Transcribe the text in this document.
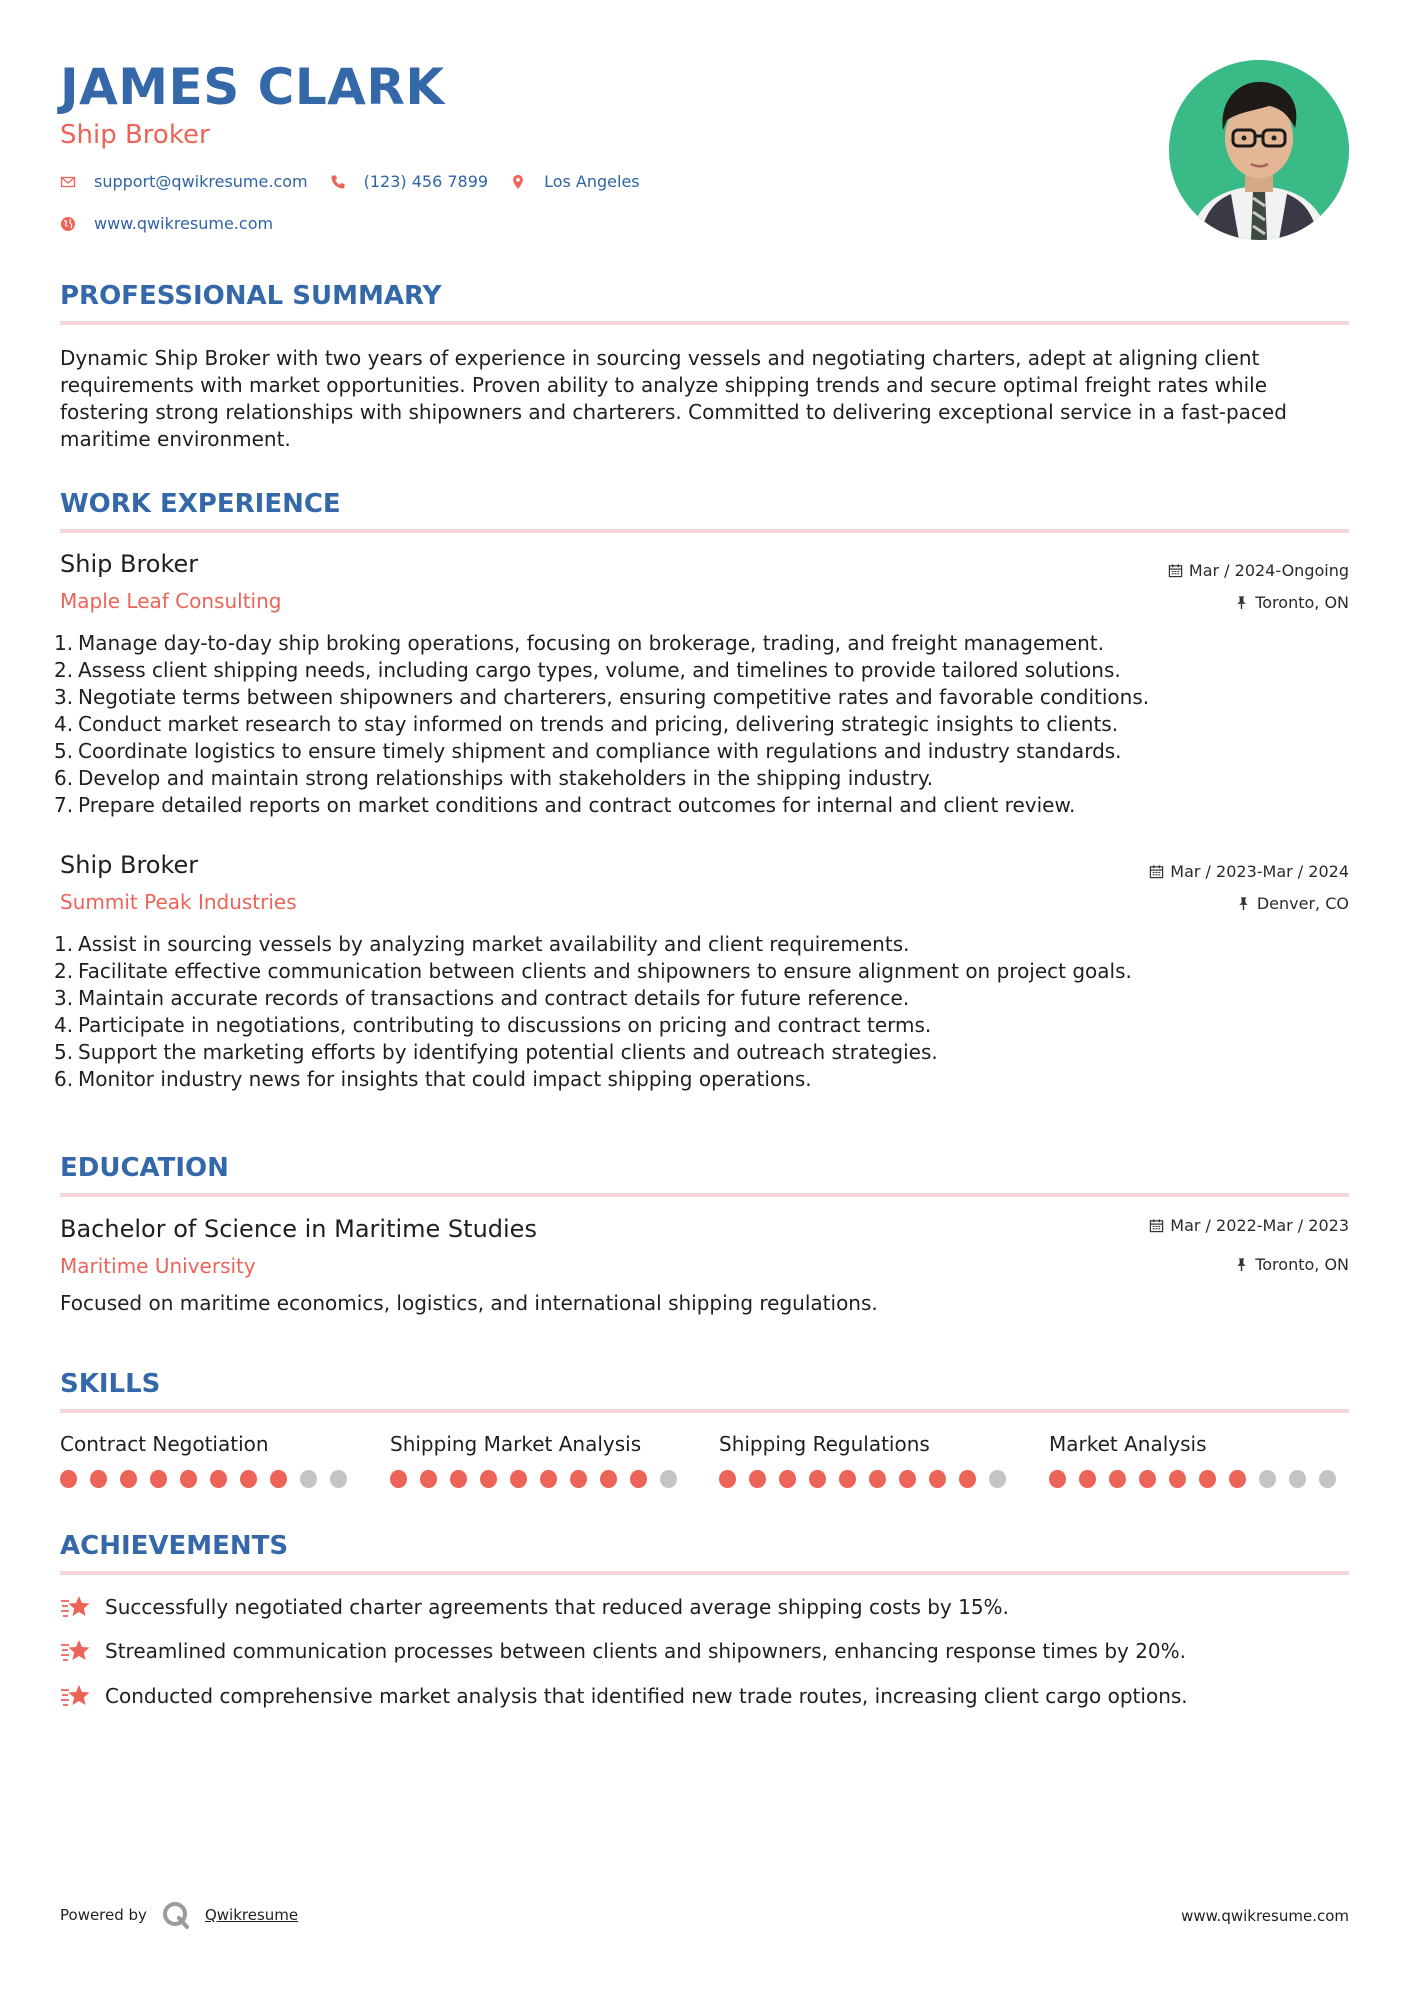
JAMES CLARK
Ship Broker
support@qwikresume.com	(123) 456 7899	Los Angeles
www.qwikresume.com
PROFESSIONAL SUMMARY
Dynamic Ship Broker with two years of experience in sourcing vessels and negotiating charters, adept at aligning client requirements with market opportunities. Proven ability to analyze shipping trends and secure optimal freight rates while fostering strong relationships with shipowners and charterers. Committed to delivering exceptional service in a fast-paced maritime environment.
WORK EXPERIENCE
Ship Broker	Mar / 2024-Ongoing
Maple Leaf Consulting	Toronto, ON
1. Manage day-to-day ship broking operations, focusing on brokerage, trading, and freight management.
2. Assess client shipping needs, including cargo types, volume, and timelines to provide tailored solutions.
3. Negotiate terms between shipowners and charterers, ensuring competitive rates and favorable conditions.
4. Conduct market research to stay informed on trends and pricing, delivering strategic insights to clients.
5. Coordinate logistics to ensure timely shipment and compliance with regulations and industry standards.
6. Develop and maintain strong relationships with stakeholders in the shipping industry.
7. Prepare detailed reports on market conditions and contract outcomes for internal and client review.
Ship Broker	Mar / 2023-Mar / 2024
Summit Peak Industries	Denver, CO
1. Assist in sourcing vessels by analyzing market availability and client requirements.
2. Facilitate effective communication between clients and shipowners to ensure alignment on project goals.
3. Maintain accurate records of transactions and contract details for future reference.
4. Participate in negotiations, contributing to discussions on pricing and contract terms.
5. Support the marketing efforts by identifying potential clients and outreach strategies.
6. Monitor industry news for insights that could impact shipping operations.
EDUCATION
Bachelor of Science in Maritime Studies	Mar / 2022-Mar / 2023
Maritime University	Toronto, ON
Focused on maritime economics, logistics, and international shipping regulations.
SKILLS
Contract Negotiation	Shipping Market Analysis	Shipping Regulations	Market Analysis
ACHIEVEMENTS
Successfully negotiated charter agreements that reduced average shipping costs by 15%.
Streamlined communication processes between clients and shipowners, enhancing response times by 20%.
Conducted comprehensive market analysis that identified new trade routes, increasing client cargo options.
Powered by	Qwikresume	www.qwikresume.com
